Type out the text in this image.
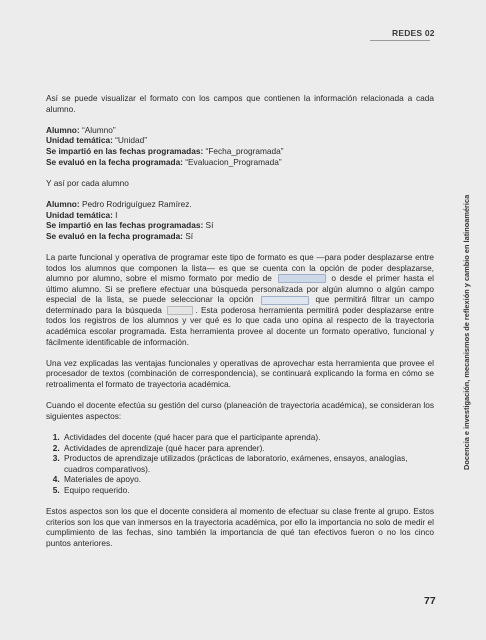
REDES 02

Así se puede visualizar el formato con los campos que contienen la información relacionada a cada alumno.

Alumno: “Alumno”

Unidad temática: “Unidad”

Se impartió en las fechas programadas: “Fecha_programada”

Se evaluó en la fecha programada: “Evaluacion_Programada”

Y así por cada alumno

Alumno: Pedro Rodriguíguez Ramírez.

Unidad temática: I

Se impartió en las fechas programadas: Sí

Se evaluó en la fecha programada: Sí

La parte funcional y operativa de programar este tipo de formato es que —para poder desplazarse entre todos los alumnos que componen la lista— es que se cuenta con la opción de poder desplazarse, alumno por alumno, sobre el mismo formato por medio de	o desde el primer hasta el último alumno. Si se prefiere efectuar una búsqueda personalizada por algún alumno o algún campo especial de la lista, se puede seleccionar la opción	que permitirá filtrar un campo determinado para la búsqueda	. Esta poderosa herramienta permitirá poder desplazarse entre todos los registros de los alumnos y ver qué es lo que cada uno opina al respecto de la trayectoria académica escolar programada. Esta herramienta provee al docente un formato operativo, funcional y fácilmente identificable de información.

Una vez explicadas las ventajas funcionales y operativas de aprovechar esta herramienta que provee el procesador de textos (combinación de correspondencia), se continuará explicando la forma en cómo se retroalimenta el formato de trayectoria académica.

Cuando el docente efectúa su gestión del curso (planeación de trayectoria académica), se consideran los siguientes aspectos:

1. Actividades del docente (qué hacer para que el participante aprenda).
2. Actividades de aprendizaje (qué hacer para aprender).
3. Productos de aprendizaje utilizados (prácticas de laboratorio, exámenes, ensayos, analogías, cuadros comparativos).
4. Materiales de apoyo.
5. Equipo requerido.

Estos aspectos son los que el docente considera al momento de efectuar su clase frente al grupo. Estos criterios son los que van inmersos en la trayectoria académica, por ello la importancia no solo de medir el cumplimiento de las fechas, sino también la importancia de qué tan efectivos fueron o no los cinco puntos anteriores.

Docencia e investigación, mecanismos de reflexión y cambio en latinoamérica
77
